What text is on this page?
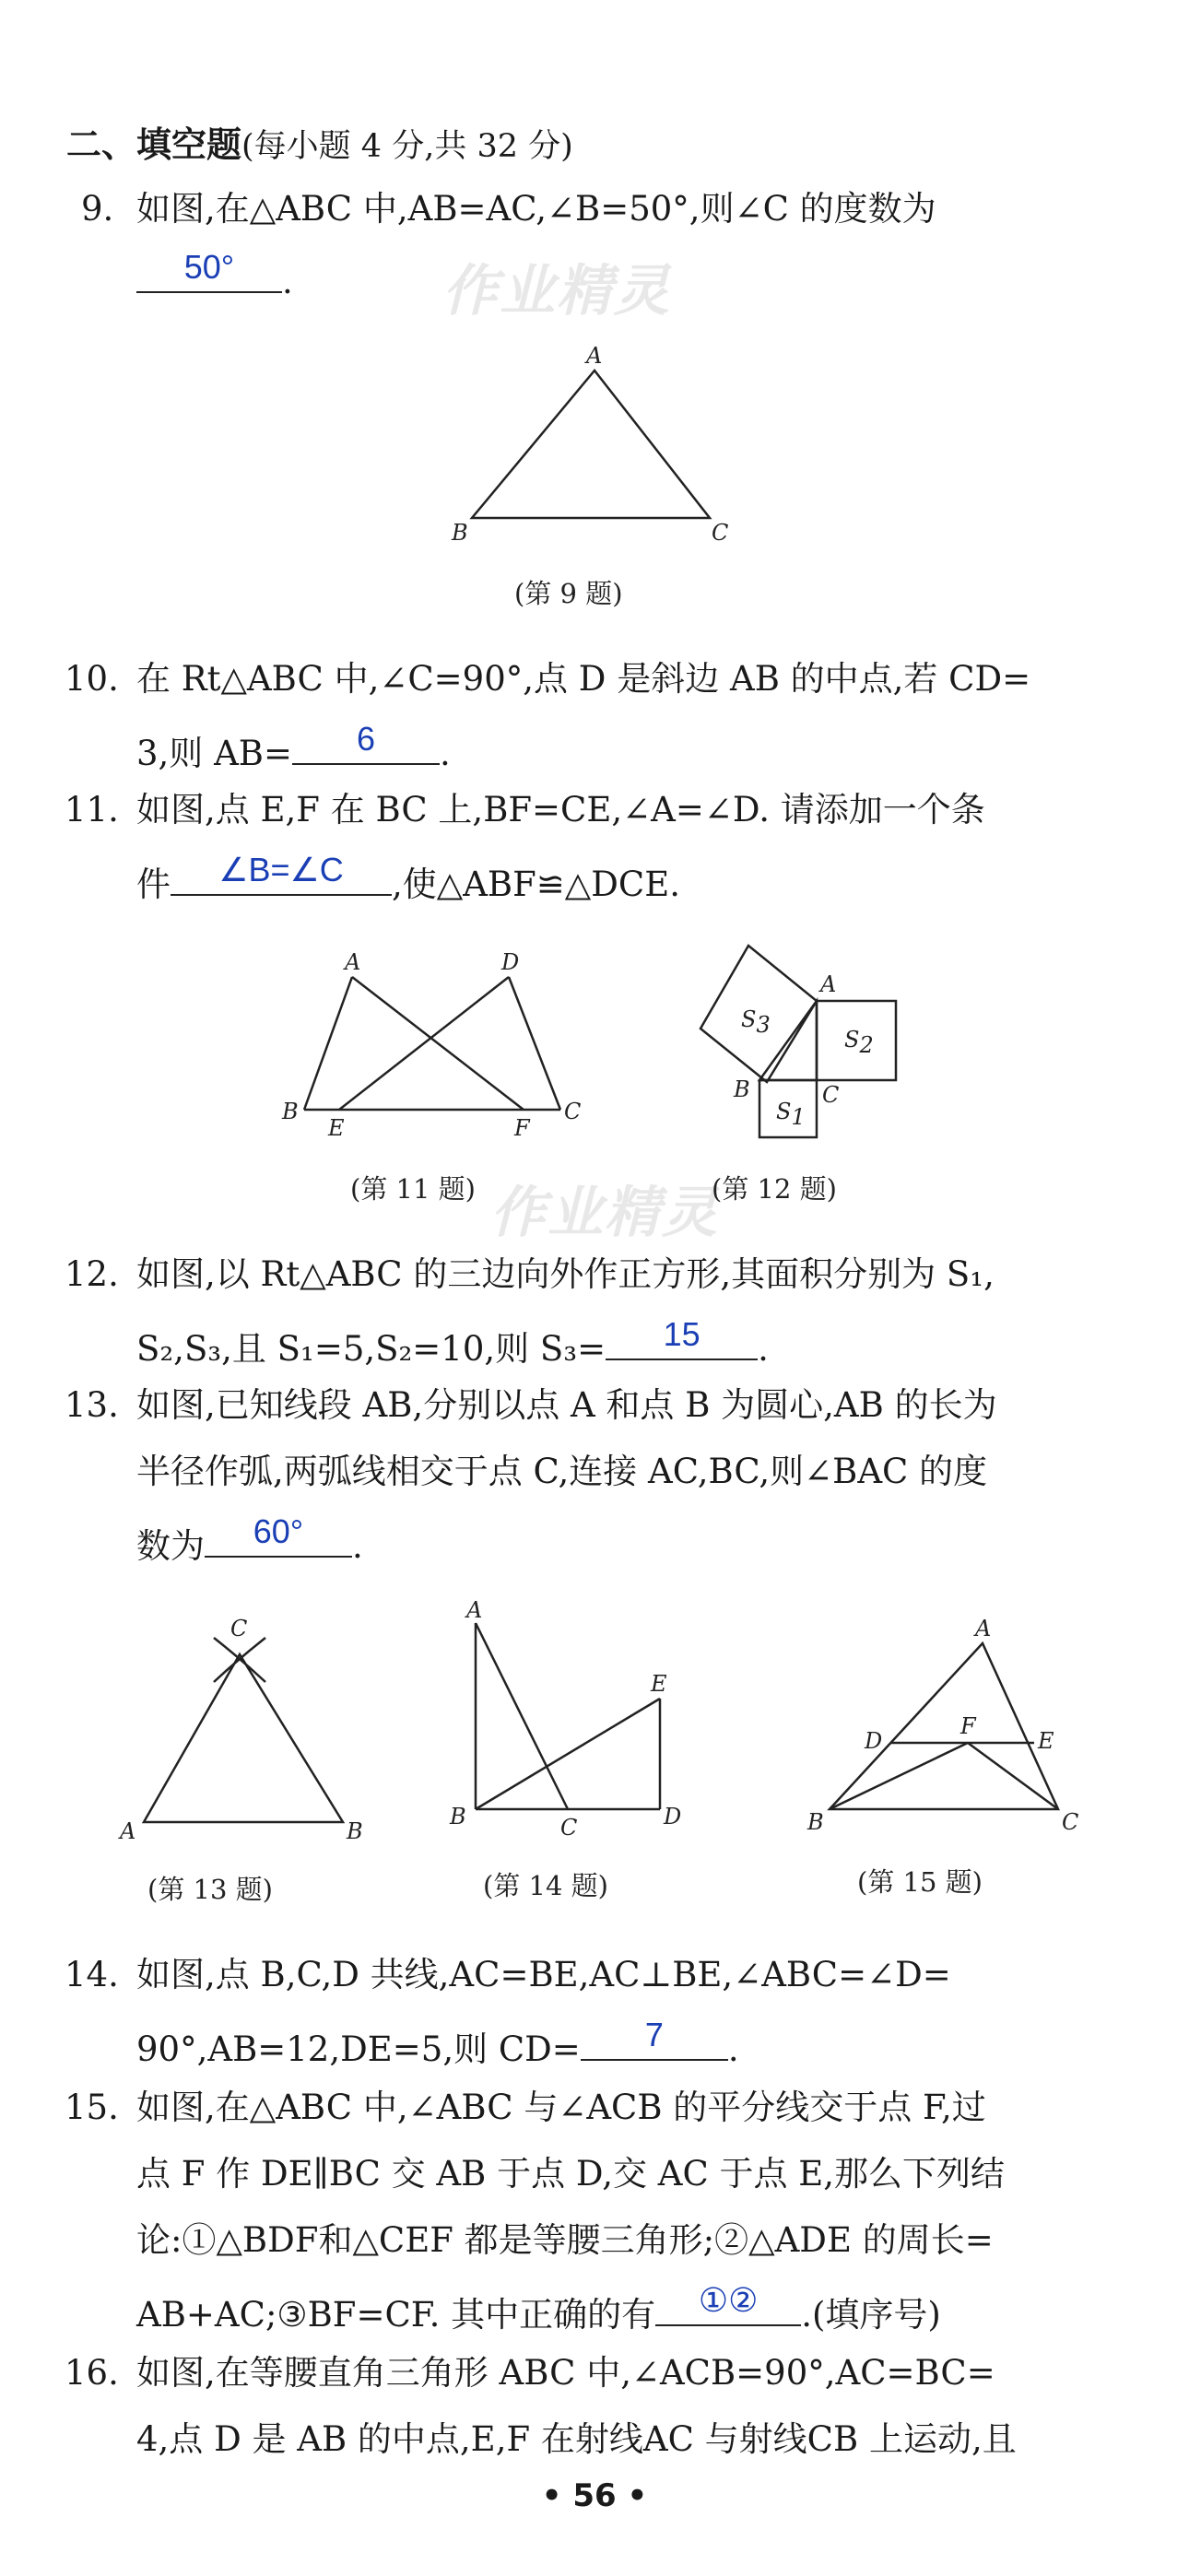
二、填空题(每小题 4 分,共 32 分)
9. 如图,在△ABC 中,AB=AC,∠B=50°,则∠C 的度数为
50°	.	作业精灵
A
B	C
(第 9 题)
10. 在 Rt△ABC 中,∠C=90°,点 D 是斜边 AB 的中点,若 CD=
3,则 AB=	6	.
11. 如图,点 E,F 在 BC 上,BF=CE,∠A=∠D. 请添加一个条
件	∠B=∠C	,使△ABF≌△DCE.
A	D
B
E	F
C
(第 11 题) 作业精灵
A
B	C
S3
S2
S1
(第 12 题)
12. 如图,以 Rt△ABC 的三边向外作正方形,其面积分别为 S₁,
S₂,S₃,且 S₁=5,S₂=10,则 S₃=	15	.
13. 如图,已知线段 AB,分别以点 A 和点 B 为圆心,AB 的长为
半径作弧,两弧线相交于点 C,连接 AC,BC,则∠BAC 的度
数为	60°	.
C
A	B
(第 13 题)
A
E
B	C	D
(第 14 题)
A
D
F
E
B	C
(第 15 题)
14. 如图,点 B,C,D 共线,AC=BE,AC⊥BE,∠ABC=∠D=
90°,AB=12,DE=5,则 CD=	7	.
15. 如图,在△ABC 中,∠ABC 与∠ACB 的平分线交于点 F,过
点 F 作 DE∥BC 交 AB 于点 D,交 AC 于点 E,那么下列结
论:①△BDF和△CEF 都是等腰三角形;②△ADE 的周长=
AB+AC;③BF=CF. 其中正确的有	①②	.(填序号)
16. 如图,在等腰直角三角形 ABC 中,∠ACB=90°,AC=BC=
4,点 D 是 AB 的中点,E,F 在射线AC 与射线CB 上运动,且
• 56 •
